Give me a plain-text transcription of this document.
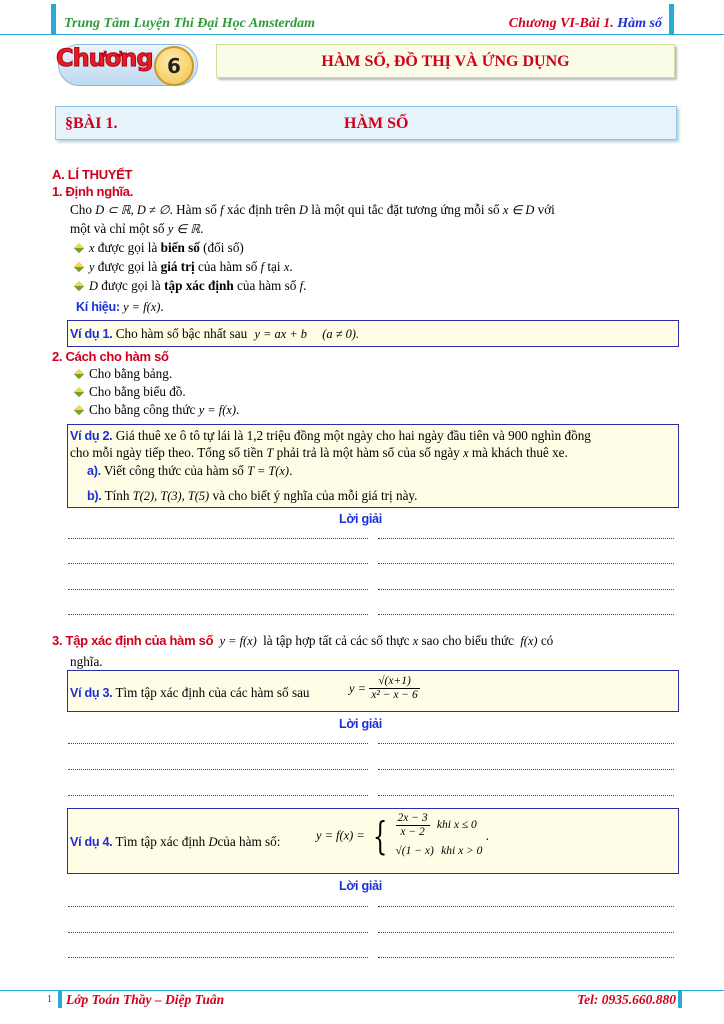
Trung Tâm Luyện Thi Đại Học Amsterdam	Chương VI-Bài 1. Hàm số
Chương 6	HÀM SỐ, ĐỒ THỊ VÀ ỨNG DỤNG
§BÀI 1.	HÀM SỐ
A. LÍ THUYẾT
1. Định nghĩa.
Cho D ⊂ ℝ, D ≠ ∅. Hàm số f xác định trên D là một qui tắc đặt tương ứng mỗi số x ∈ D với
một và chỉ một số y ∈ ℝ.
x được gọi là biến số (đối số)
y được gọi là giá trị của hàm số f tại x.
D được gọi là tập xác định của hàm số f.
Kí hiệu: y = f(x).
Ví dụ 1. Cho hàm số bậc nhất sau y = ax + b (a ≠ 0).
2. Cách cho hàm số
Cho bằng bảng.
Cho bằng biểu đồ.
Cho bằng công thức y = f(x).
Ví dụ 2. Giá thuê xe ô tô tự lái là 1,2 triệu đồng một ngày cho hai ngày đầu tiên và 900 nghìn đồng
cho mỗi ngày tiếp theo. Tổng số tiền T phải trả là một hàm số của số ngày x mà khách thuê xe.
a). Viết công thức của hàm số T = T(x).
b). Tính T(2), T(3), T(5) và cho biết ý nghĩa của mỗi giá trị này.
Lời giải
3. Tập xác định của hàm số y = f(x) là tập hợp tất cả các số thực x sao cho biểu thức f(x) có
nghĩa.
Ví dụ 3. Tìm tập xác định của các hàm số sau	$y = \frac{√(x+1)}{\text{x² − x − 6}}$
Lời giải
Ví dụ 4. Tìm tập xác định Dcủa hàm số:	y = f(x) = { $\frac{2x - 3}{x - 2}$ khi x ≤ 0
√(1 − x) khi x > 0
.
Lời giải
1 Lớp Toán Thầy – Diệp Tuân	Tel: 0935.660.880
